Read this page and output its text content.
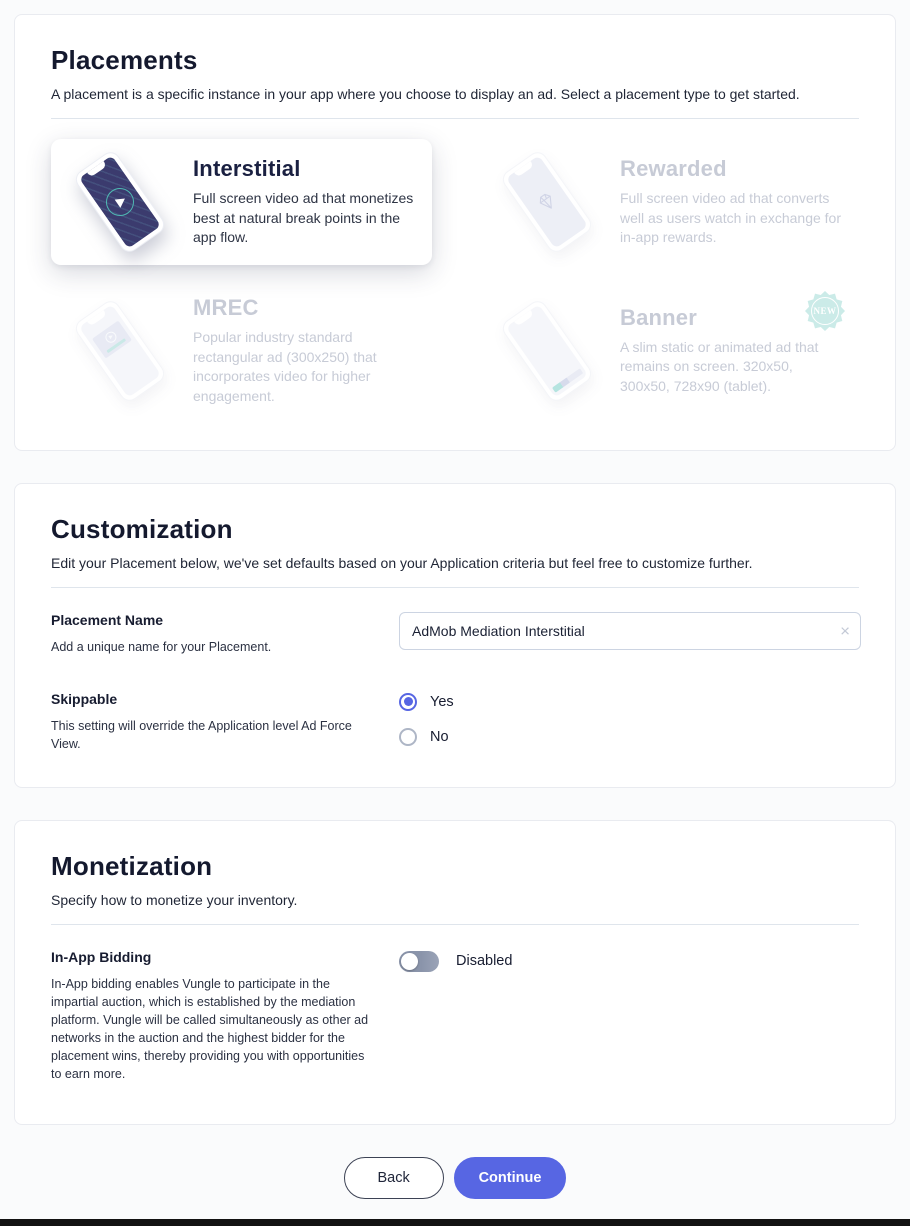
Placements

A placement is a specific instance in your app where you choose to display an ad. Select a placement type to get started.

Interstitial
Full screen video ad that monetizes best at natural break points in the app flow.
Rewarded
Full screen video ad that converts well as users watch in exchange for in-app rewards.
MREC
Popular industry standard rectangular ad (300x250) that incorporates video for higher engagement.
Banner
A slim static or animated ad that remains on screen. 320x50, 300x50, 728x90 (tablet).
NEW
Customization

Edit your Placement below, we've set defaults based on your Application criteria but feel free to customize further.

Placement Name
Add a unique name for your Placement.
AdMob Mediation Interstitial
×
Skippable
This setting will override the Application level Ad Force View.
Yes
No
Monetization

Specify how to monetize your inventory.

In-App Bidding
In-App bidding enables Vungle to participate in the impartial auction, which is established by the mediation platform. Vungle will be called simultaneously as other ad networks in the auction and the highest bidder for the placement wins, thereby providing you with opportunities to earn more.
Disabled
Back	Continue
